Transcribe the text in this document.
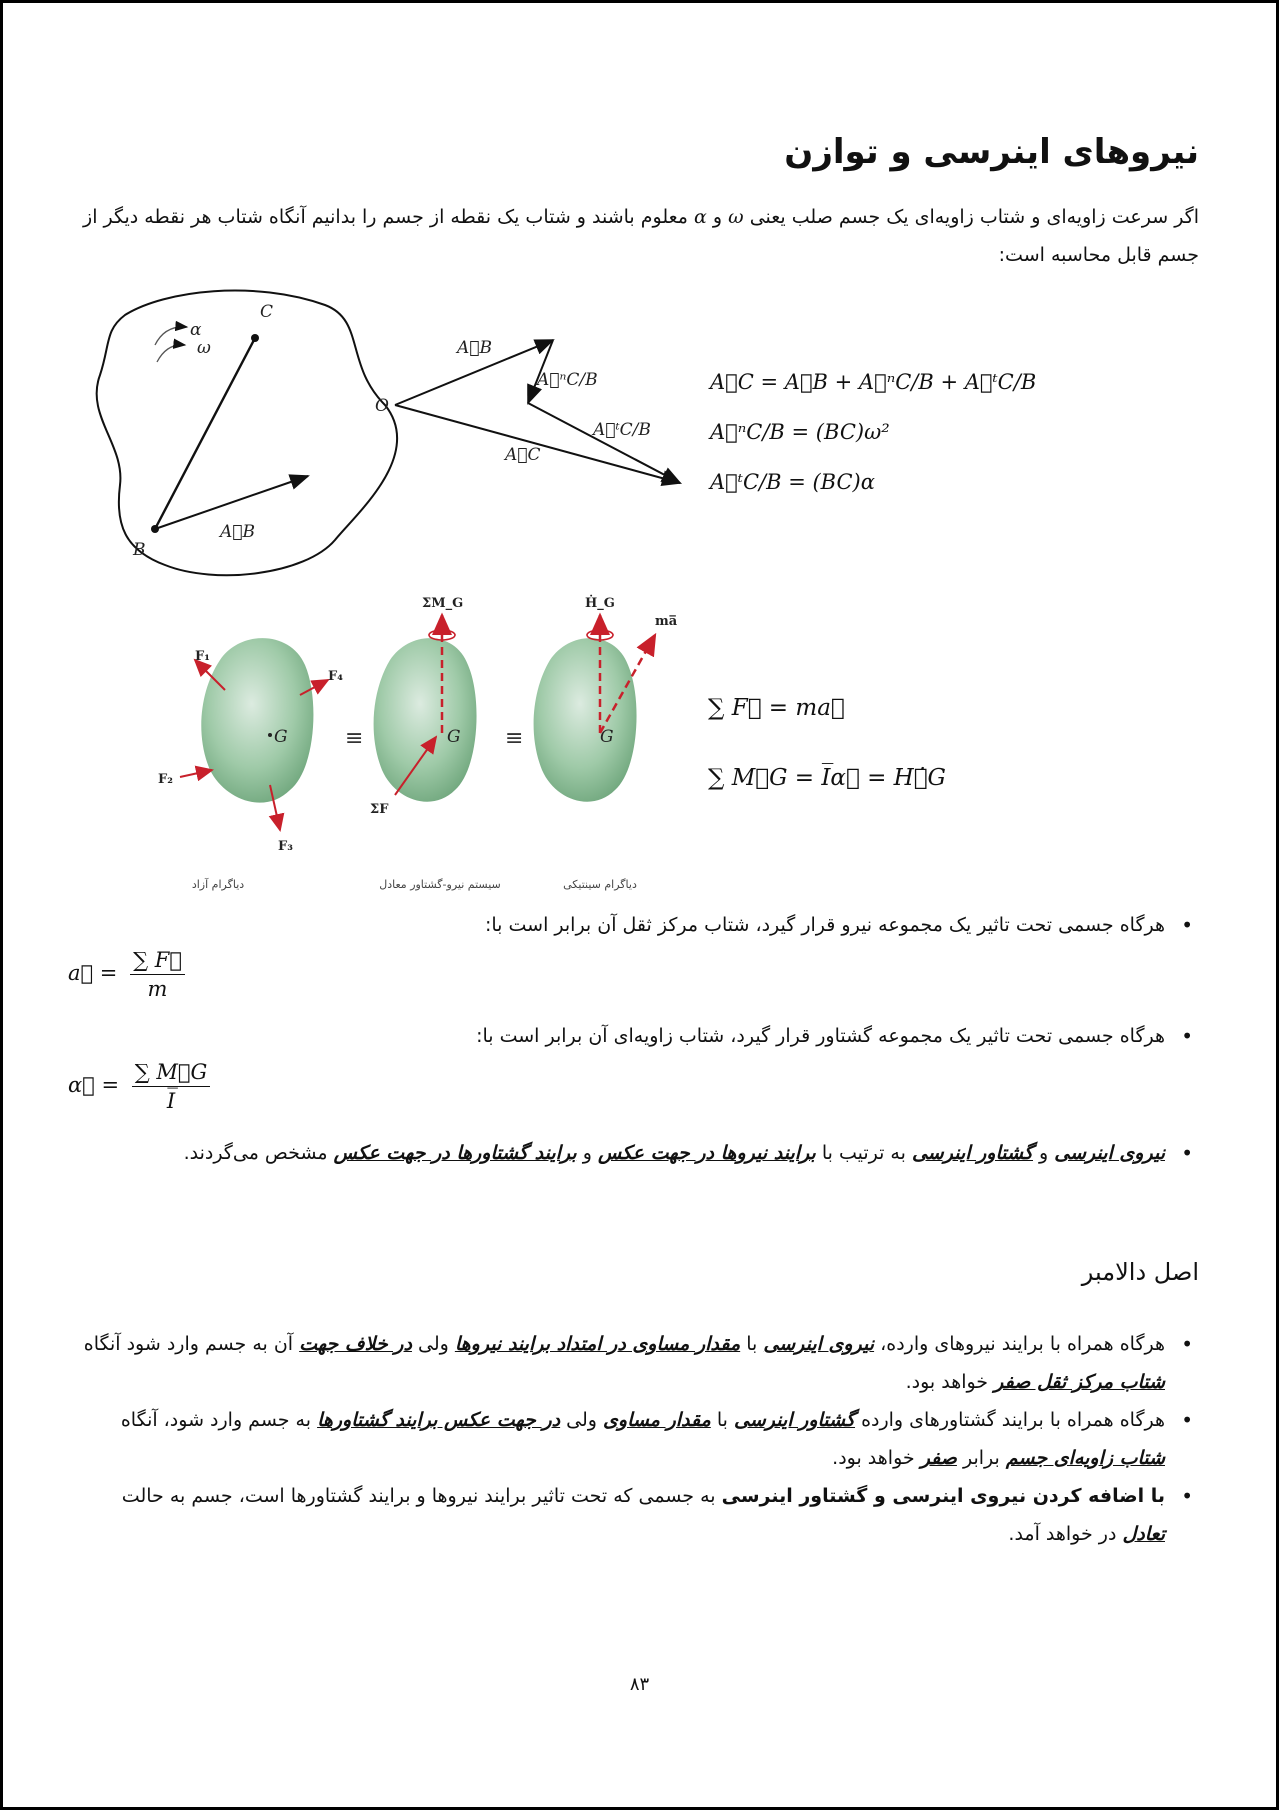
نیروهای اینرسی و توازن
اگر سرعت زاویه‌ای و شتاب زاویه‌ای یک جسم صلب یعنی ω و α معلوم باشند و شتاب یک نقطه از جسم را بدانیم آنگاه شتاب هر نقطه دیگر از جسم قابل محاسبه است:
C
B
α
ω
A⃗B
O
A⃗B
A⃗ⁿC/B
A⃗ᵗC/B
A⃗C
A⃗C = A⃗B + A⃗ⁿC/B + A⃗ᵗC/B
A⃗ⁿC/B = (BC)ω²
A⃗ᵗC/B = (BC)α
F₁
F₄
F₂
F₃
G	≡	≡
ΣM_G
ΣF
G
Ḣ_G
ma̅
G
دیاگرام آزاد	سیستم نیرو-گشتاور معادل	دیاگرام سینتیکی
∑ F⃗ = ma⃗
∑ M⃗G = I̅α⃗ = H⃗̇G
• هرگاه جسمی تحت تاثیر یک مجموعه نیرو قرار گیرد، شتاب مرکز ثقل آن برابر است با:
a⃗ = $\frac{\sum F⃗}{m}$
• هرگاه جسمی تحت تاثیر یک مجموعه گشتاور قرار گیرد، شتاب زاویه‌ای آن برابر است با:
α⃗ = $\frac{\sum M⃗G}{I̅}$
• نیروی اینرسی و گشتاور اینرسی به ترتیب با برایند نیروها در جهت عکس و برایند گشتاورها در جهت عکس مشخص می‌گردند.
اصل دالامبر
• هرگاه همراه با برایند نیروهای وارده، نیروی اینرسی با مقدار مساوی در امتداد برایند نیروها ولی در خلاف جهت آن به جسم وارد شود آنگاه شتاب مرکز ثقل صفر خواهد بود.
• هرگاه همراه با برایند گشتاورهای وارده گشتاور اینرسی با مقدار مساوی ولی در جهت عکس برایند گشتاورها به جسم وارد شود، آنگاه شتاب زاویه‌ای جسم برابر صفر خواهد بود.
• با اضافه کردن نیروی اینرسی و گشتاور اینرسی به جسمی که تحت تاثیر برایند نیروها و برایند گشتاورها است، جسم به حالت تعادل در خواهد آمد.
۸۳
